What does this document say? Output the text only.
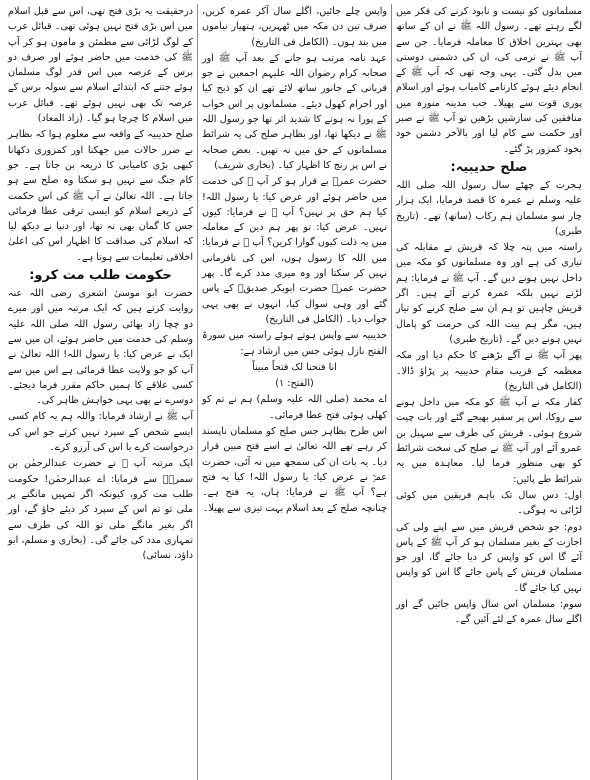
مسلمانوں کو نیست و نابود کرنے کی فکر میں لگے رہتے تھے۔ رسول اللہ ﷺ نے ان کے ساتھ بھی بہترین اخلاق کا معاملہ فرمایا۔ جن سے آپ ﷺ نے نرمی کی، ان کی دشمنی دوستی میں بدل گئی۔ یہی وجہ تھی کہ آپ ﷺ کے انجام دیئے ہوئے کارنامے کامیاب ہوئے اور اسلام پوری قوت سے پھیلا۔ جب مدینہ منورہ میں منافقین کی سازشیں بڑھیں تو آپ ﷺ نے صبر اور حکمت سے کام لیا اور بالآخر دشمن خود بخود کمزور پڑ گئے۔

صلح حدیبیہ:

ہجرت کے چھٹے سال رسول اللہ صلی اللہ علیہ وسلم نے عمرہ کا قصد فرمایا، ایک ہزار چار سو مسلمان ہم رکاب (ساتھ) تھے۔ (تاریخ طبری)

راستہ میں پتہ چلا کہ قریش نے مقابلہ کی تیاری کی ہے اور وہ مسلمانوں کو مکہ میں داخل نہیں ہونے دیں گے۔ آپ ﷺ نے فرمایا: ہم لڑنے نہیں بلکہ عمرہ کرنے آئے ہیں۔ اگر قریش چاہیں تو ہم ان سے صلح کرنے کو تیار ہیں، مگر ہم بیت اللہ کی حرمت کو پامال نہیں ہونے دیں گے۔ (تاریخ طبری)

پھر آپ ﷺ نے آگے بڑھنے کا حکم دیا اور مکہ معظمہ کے قریب مقام حدیبیہ پر پڑاؤ ڈالا۔ (الکامل فی التاریخ)

کفار مکہ نے آپ ﷺ کو مکہ میں داخل ہونے سے روکا، اس پر سفیر بھیجے گئے اور بات چیت شروع ہوئی۔ قریش کی طرف سے سہیل بن عمرو آئے اور آپ ﷺ نے صلح کی سخت شرائط کو بھی منظور فرما لیا۔ معاہدہ میں یہ شرائط طے پائیں:

اول: دس سال تک باہم فریقین میں کوئی لڑائی نہ ہوگی۔

دوم: جو شخص قریش میں سے اپنے ولی کی اجازت کے بغیر مسلمان ہو کر آپ ﷺ کے پاس آئے گا اس کو واپس کر دیا جائے گا، اور جو مسلمان قریش کے پاس جائے گا اس کو واپس نہیں کیا جائے گا۔

سوم: مسلمان اس سال واپس جائیں گے اور اگلے سال عمرہ کے لئے آئیں گے۔

واپس چلے جائیں، اگلے سال آکر عمرہ کریں، صرف تین دن مکہ میں ٹھہریں، ہتھیار نیاموں میں بند ہوں۔ (الکامل فی التاریخ)

عہد نامہ مرتب ہو جانے کے بعد آپ ﷺ اور صحابہ کرام رضوان اللہ علیہم اجمعین نے جو قربانی کے جانور ساتھ لائے تھے ان کو ذبح کیا اور احرام کھول دیئے۔ مسلمانوں پر اس خواب کے پورا نہ ہونے کا شدید اثر تھا جو رسول اللہ ﷺ نے دیکھا تھا، اور بظاہر صلح کی یہ شرائط مسلمانوں کے حق میں نہ تھیں۔ بعض صحابہ نے اس پر رنج کا اظہار کیا۔ (بخاری شریف)

حضرت عمرؓ بے قرار ہو کر آپ ﷺ کی خدمت میں حاضر ہوئے اور عرض کیا: یا رسول اللہ! کیا ہم حق پر نہیں؟ آپ ﷺ نے فرمایا: کیوں نہیں۔ عرض کیا: تو پھر ہم دین کے معاملہ میں یہ ذلت کیوں گوارا کریں؟ آپ ﷺ نے فرمایا: میں اللہ کا رسول ہوں، اس کی نافرمانی نہیں کر سکتا اور وہ میری مدد کرے گا۔ پھر حضرت عمرؓ حضرت ابوبکر صدیقؓ کے پاس گئے اور وہی سوال کیا، انہوں نے بھی یہی جواب دیا۔ (الکامل فی التاریخ)

حدیبیہ سے واپس ہوتے ہوئے راستہ میں سورۃ الفتح نازل ہوئی جس میں ارشاد ہے:

انا فتحنا لک فتحاً مبیناً

(الفتح: ۱)

اے محمد (صلی اللہ علیہ وسلم) ہم نے تم کو کھلی ہوئی فتح عطا فرمائی۔

اس طرح بظاہر جس صلح کو مسلمان ناپسند کر رہے تھے اللہ تعالیٰ نے اسے فتح مبین قرار دیا۔ یہ بات ان کی سمجھ میں نہ آئی، حضرت عمرؓ نے عرض کیا: یا رسول اللہ! کیا یہ فتح ہے؟ آپ ﷺ نے فرمایا: ہاں، یہ فتح ہے۔ چنانچہ صلح کے بعد اسلام بہت تیزی سے پھیلا۔

درحقیقت یہ بڑی فتح تھی، اس سے قبل اسلام میں اس بڑی فتح نہیں ہوئی تھی۔ قبائل عرب کے لوگ لڑائی سے مطمئن و مامون ہو کر آپ ﷺ کی خدمت میں حاضر ہوئے اور صرف دو برس کے عرصہ میں اس قدر لوگ مسلمان ہوئے جتنے کہ ابتدائے اسلام سے سولہ برس کے عرصہ تک بھی نہیں ہوئے تھے۔ قبائل عرب میں اسلام کا چرچا ہو گیا۔ (زاد المعاد)

صلح حدیبیہ کے واقعہ سے معلوم ہوا کہ بظاہر بے ضرر حالات میں جھکنا اور کمزوری دکھانا کبھی بڑی کامیابی کا ذریعہ بن جاتا ہے۔ جو کام جنگ سے نہیں ہو سکتا وہ صلح سے ہو جاتا ہے۔ اللہ تعالیٰ نے آپ ﷺ کی اس حکمت کے ذریعے اسلام کو ایسی ترقی عطا فرمائی جس کا گمان بھی نہ تھا، اور دنیا نے دیکھ لیا کہ اسلام کی صداقت کا اظہار اس کی اعلیٰ اخلاقی تعلیمات سے ہوتا ہے۔

حکومت طلب مت کرو:

حضرت ابو موسیٰ اشعری رضی اللہ عنہ روایت کرتے ہیں کہ ایک مرتبہ میں اور میرے دو چچا زاد بھائی رسول اللہ صلی اللہ علیہ وسلم کی خدمت میں حاضر ہوئے، ان میں سے ایک نے عرض کیا: یا رسول اللہ! اللہ تعالیٰ نے آپ کو جو ولایت عطا فرمائی ہے اس میں سے کسی علاقے کا ہمیں حاکم مقرر فرما دیجئے۔ دوسرے نے بھی یہی خواہش ظاہر کی۔

آپ ﷺ نے ارشاد فرمایا: واللہ ہم یہ کام کسی ایسے شخص کے سپرد نہیں کرتے جو اس کی درخواست کرے یا اس کی آرزو کرے۔

ایک مرتبہ آپ ﷺ نے حضرت عبدالرحمٰن بن سمرہؓ سے فرمایا: اے عبدالرحمٰن! حکومت طلب مت کرو، کیونکہ اگر تمہیں مانگنے پر ملی تو تم اس کے سپرد کر دیئے جاؤ گے، اور اگر بغیر مانگے ملی تو اللہ کی طرف سے تمہاری مدد کی جائے گی۔ (بخاری و مسلم، ابو داؤد، نسائی)
